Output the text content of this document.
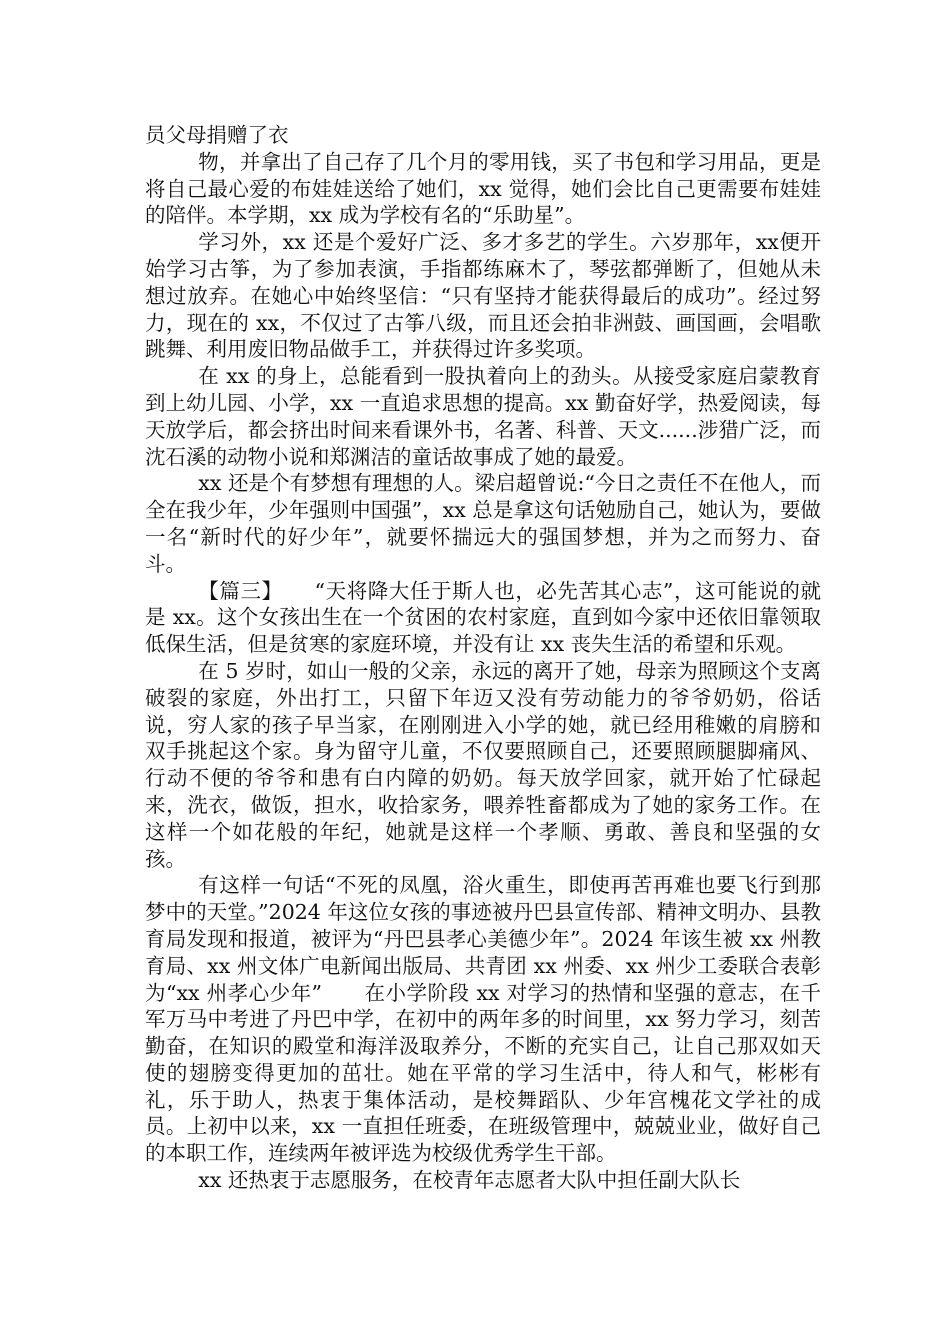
员父母捐赠了衣

物，并拿出了自己存了几个月的零用钱，买了书包和学习用品，更是将自己最心爱的布娃娃送给了她们，xx 觉得，她们会比自己更需要布娃娃的陪伴。本学期，xx 成为学校有名的“乐助星”。

学习外，xx 还是个爱好广泛、多才多艺的学生。六岁那年，xx便开始学习古筝，为了参加表演，手指都练麻木了，琴弦都弹断了，但她从未想过放弃。在她心中始终坚信：“只有坚持才能获得最后的成功”。经过努力，现在的 xx，不仅过了古筝八级，而且还会拍非洲鼓、画国画，会唱歌跳舞、利用废旧物品做手工，并获得过许多奖项。

在 xx 的身上，总能看到一股执着向上的劲头。从接受家庭启蒙教育到上幼儿园、小学，xx 一直追求思想的提高。xx 勤奋好学，热爱阅读，每天放学后，都会挤出时间来看课外书，名著、科普、天文......涉猎广泛，而沈石溪的动物小说和郑渊洁的童话故事成了她的最爱。

xx 还是个有梦想有理想的人。梁启超曾说:“今日之责任不在他人，而全在我少年，少年强则中国强”，xx 总是拿这句话勉励自己，她认为，要做一名“新时代的好少年”，就要怀揣远大的强国梦想，并为之而努力、奋斗。

【篇三】　　“天将降大任于斯人也，必先苦其心志”，这可能说的就是 xx。这个女孩出生在一个贫困的农村家庭，直到如今家中还依旧靠领取低保生活，但是贫寒的家庭环境，并没有让 xx 丧失生活的希望和乐观。

在 5 岁时，如山一般的父亲，永远的离开了她，母亲为照顾这个支离破裂的家庭，外出打工，只留下年迈又没有劳动能力的爷爷奶奶，俗话说，穷人家的孩子早当家，在刚刚进入小学的她，就已经用稚嫩的肩膀和双手挑起这个家。身为留守儿童，不仅要照顾自己，还要照顾腿脚痛风、行动不便的爷爷和患有白内障的奶奶。每天放学回家，就开始了忙碌起来，洗衣，做饭，担水，收拾家务，喂养牲畜都成为了她的家务工作。在这样一个如花般的年纪，她就是这样一个孝顺、勇敢、善良和坚强的女孩。

有这样一句话“不死的凤凰，浴火重生，即使再苦再难也要飞行到那梦中的天堂。”2024 年这位女孩的事迹被丹巴县宣传部、精神文明办、县教育局发现和报道，被评为“丹巴县孝心美德少年”。2024 年该生被 xx 州教育局、xx 州文体广电新闻出版局、共青团 xx 州委、xx 州少工委联合表彰为“xx 州孝心少年”　　在小学阶段 xx 对学习的热情和坚强的意志，在千军万马中考进了丹巴中学，在初中的两年多的时间里，xx 努力学习，刻苦勤奋，在知识的殿堂和海洋汲取养分，不断的充实自己，让自己那双如天使的翅膀变得更加的茁壮。她在平常的学习生活中，待人和气，彬彬有礼，乐于助人，热衷于集体活动，是校舞蹈队、少年宫槐花文学社的成员。上初中以来，xx 一直担任班委，在班级管理中，兢兢业业，做好自己的本职工作，连续两年被评选为校级优秀学生干部。

xx 还热衷于志愿服务，在校青年志愿者大队中担任副大队长
